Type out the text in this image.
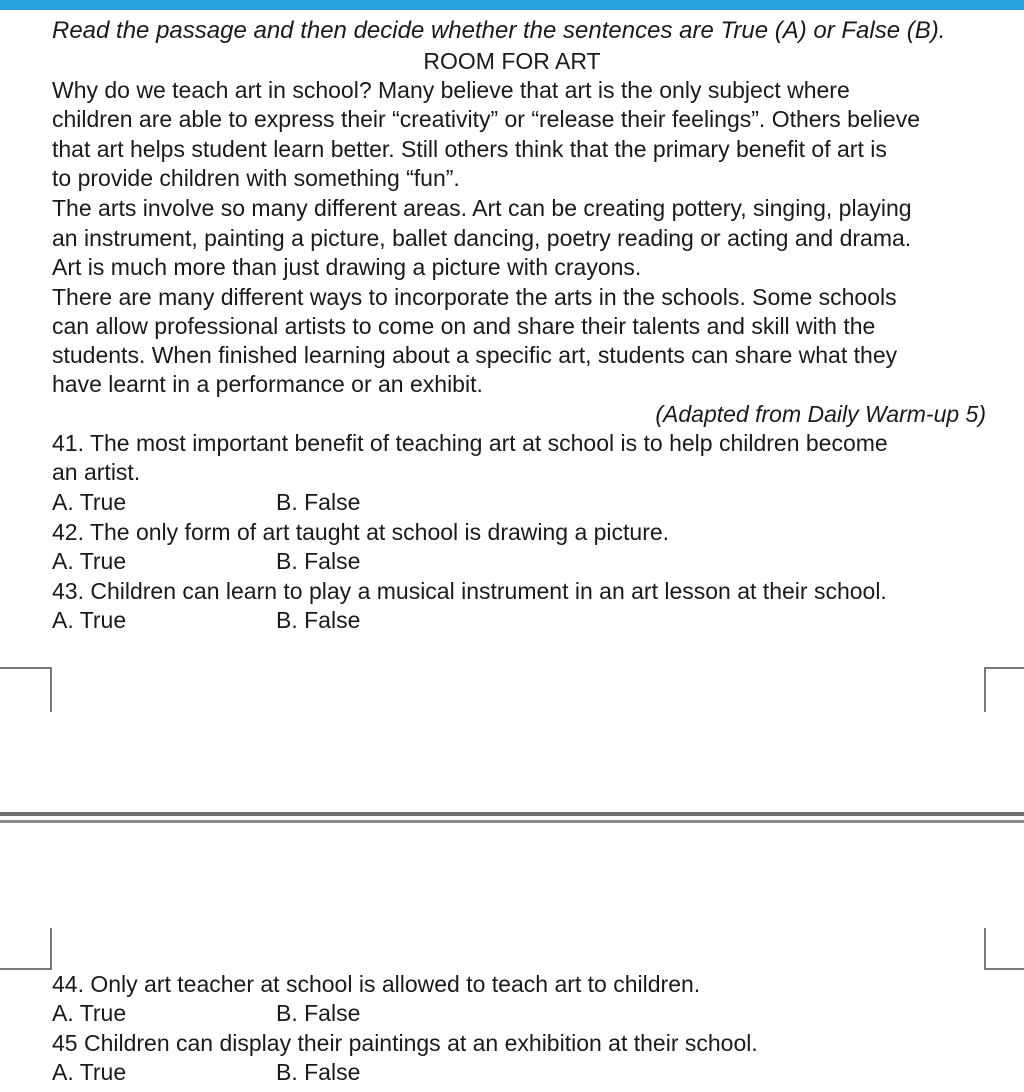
Read the passage and then decide whether the sentences are True (A) or False (B).
ROOM FOR ART
Why do we teach art in school? Many believe that art is the only subject where
children are able to express their “creativity” or “release their feelings”. Others believe
that art helps student learn better. Still others think that the primary benefit of art is
to provide children with something “fun”.
The arts involve so many different areas. Art can be creating pottery, singing, playing
an instrument, painting a picture, ballet dancing, poetry reading or acting and drama.
Art is much more than just drawing a picture with crayons.
There are many different ways to incorporate the arts in the schools. Some schools
can allow professional artists to come on and share their talents and skill with the
students. When finished learning about a specific art, students can share what they
have learnt in a performance or an exhibit.
(Adapted from Daily Warm-up 5)
41. The most important benefit of teaching art at school is to help children become
an artist.
A. True	B. False
42. The only form of art taught at school is drawing a picture.
A. True	B. False
43. Children can learn to play a musical instrument in an art lesson at their school.
A. True	B. False
44. Only art teacher at school is allowed to teach art to children.
A. True	B. False
45 Children can display their paintings at an exhibition at their school.
A. True	B. False
